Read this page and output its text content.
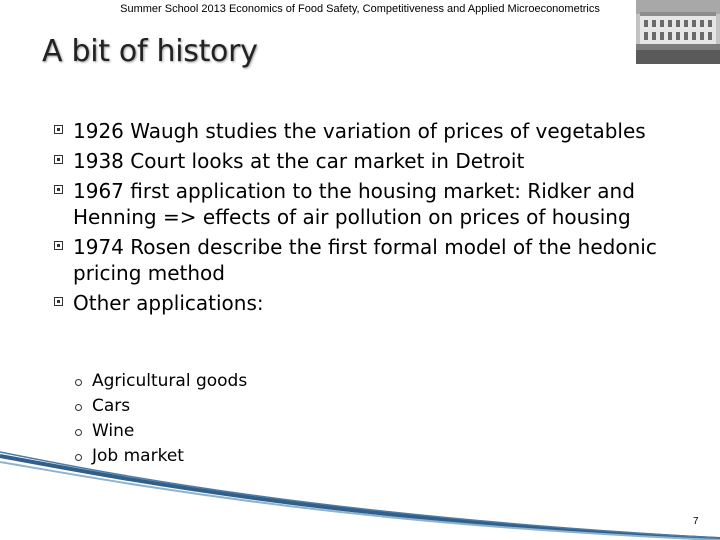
Summer School 2013 Economics of Food Safety, Competitiveness and Applied Microeconometrics
A bit of history
1926 Waugh studies the variation of prices of vegetables
1938 Court looks at the car market in Detroit
1967 first application to the housing market: Ridker and Henning => effects of air pollution on prices of housing
1974 Rosen describe the first formal model of the hedonic pricing method
Other applications:
Agricultural goods
Cars
Wine
Job market
7
